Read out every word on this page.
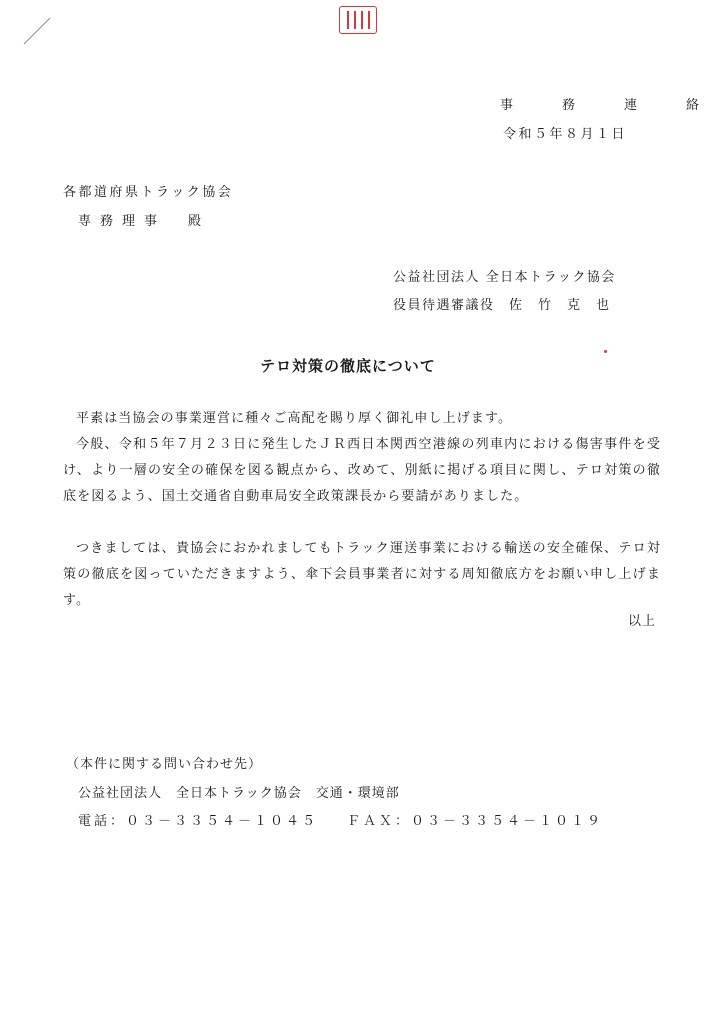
事　務　連　絡
令和５年８月１日
各都道府県トラック協会
専務理事　殿
公益社団法人 全日本トラック協会
役員待遇審議役　佐　竹　克　也
テロ対策の徹底について
平素は当協会の事業運営に種々ご高配を賜り厚く御礼申し上げます。
今般、令和５年７月２３日に発生したＪＲ西日本関西空港線の列車内における傷害事件を受け、より一層の安全の確保を図る観点から、改めて、別紙に掲げる項目に関し、テロ対策の徹底を図るよう、国土交通省自動車局安全政策課長から要請がありました。
つきましては、貴協会におかれましてもトラック運送事業における輸送の安全確保、テロ対策の徹底を図っていただきますよう、傘下会員事業者に対する周知徹底方をお願い申し上げます。
以上
（本件に関する問い合わせ先）
公益社団法人　全日本トラック協会　交通・環境部
電話：０３－３３５４－１０４５ ＦＡＸ：０３－３３５４－１０１９
